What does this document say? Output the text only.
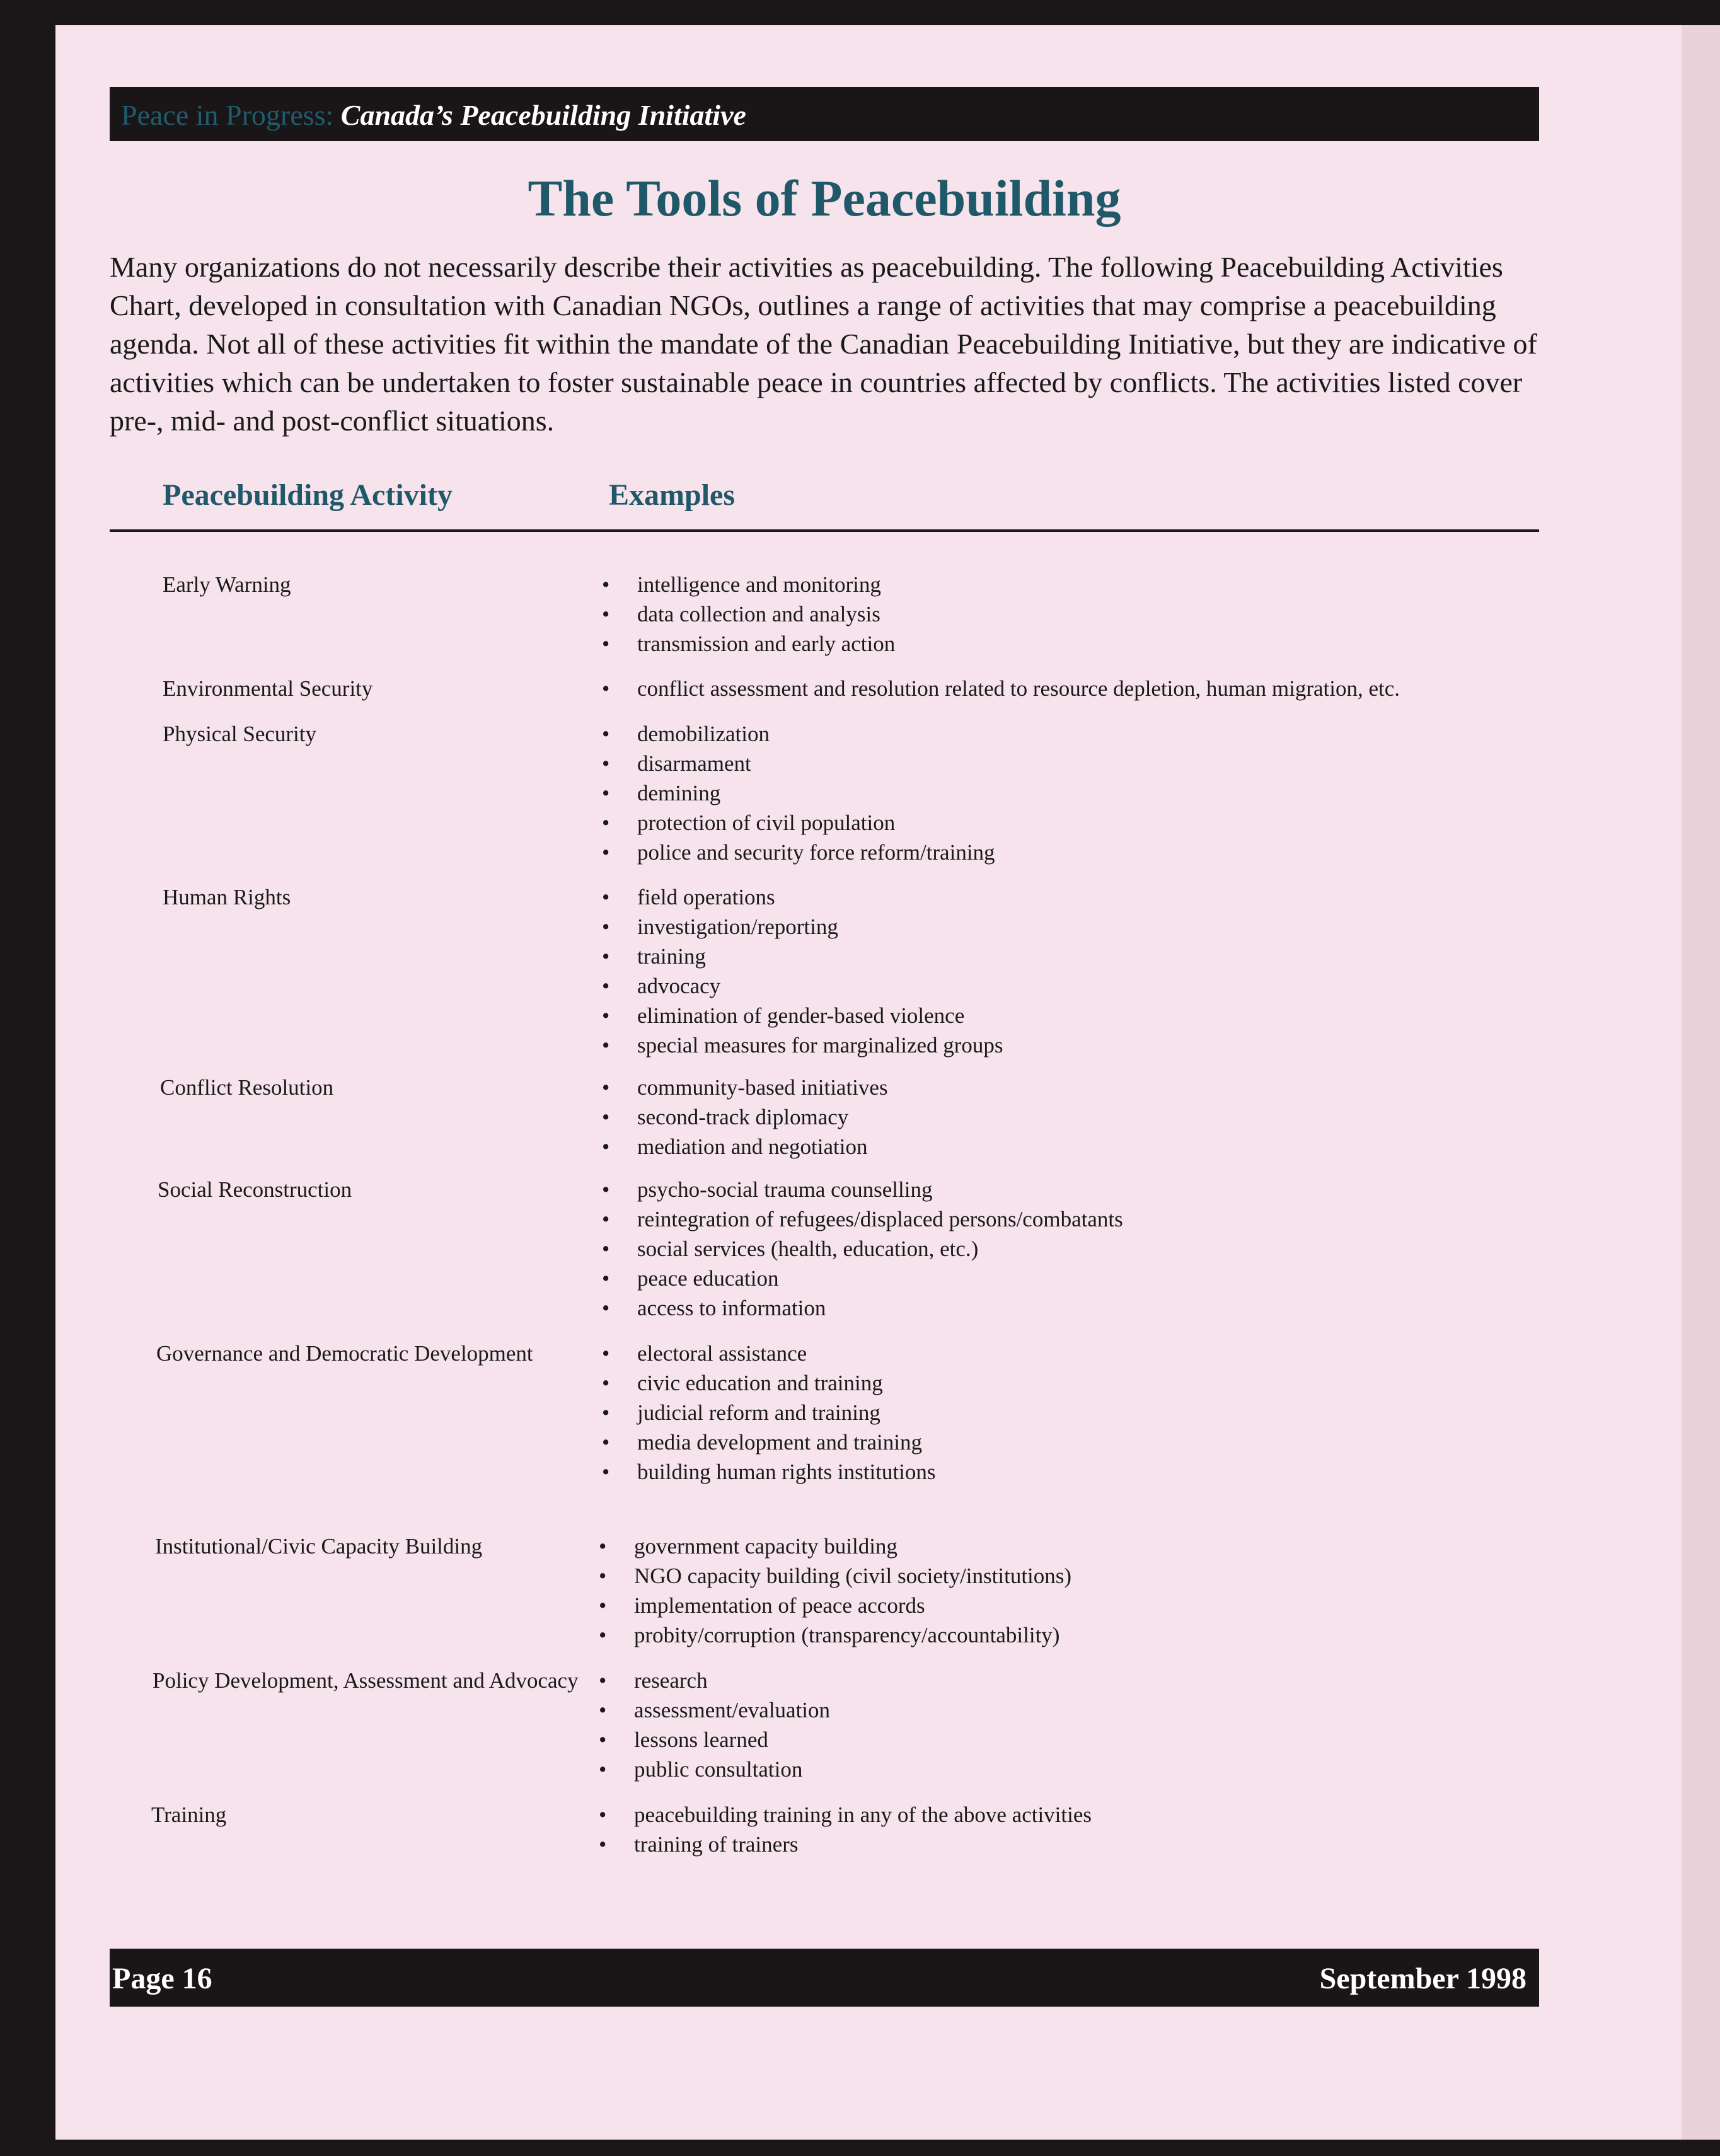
Peace in Progress: Canada’s Peacebuilding Initiative
The Tools of Peacebuilding

Many organizations do not necessarily describe their activities as peacebuilding. The following Peacebuilding Activities Chart, developed in consultation with Canadian NGOs, outlines a range of activities that may comprise a peacebuilding agenda. Not all of these activities fit within the mandate of the Canadian Peacebuilding Initiative, but they are indicative of activities which can be undertaken to foster sustainable peace in countries affected by conflicts. The activities listed cover pre-, mid- and post-conflict situations.

Peacebuilding Activity	Examples
Early Warning	• intelligence and monitoring
• data collection and analysis
• transmission and early action
Environmental Security	• conflict assessment and resolution related to resource depletion, human migration, etc.
Physical Security	• demobilization
• disarmament
• demining
• protection of civil population
• police and security force reform/training
Human Rights	• field operations
• investigation/reporting
• training
• advocacy
• elimination of gender-based violence
• special measures for marginalized groups
Conflict Resolution	• community-based initiatives
• second-track diplomacy
• mediation and negotiation
Social Reconstruction	• psycho-social trauma counselling
• reintegration of refugees/displaced persons/combatants
• social services (health, education, etc.)
• peace education
• access to information
Governance and Democratic Development	• electoral assistance
• civic education and training
• judicial reform and training
• media development and training
• building human rights institutions
Institutional/Civic Capacity Building	• government capacity building
• NGO capacity building (civil society/institutions)
• implementation of peace accords
• probity/corruption (transparency/accountability)
Policy Development, Assessment and Advocacy	• research
• assessment/evaluation
• lessons learned
• public consultation
Training	• peacebuilding training in any of the above activities
• training of trainers
Page 16	September 1998
